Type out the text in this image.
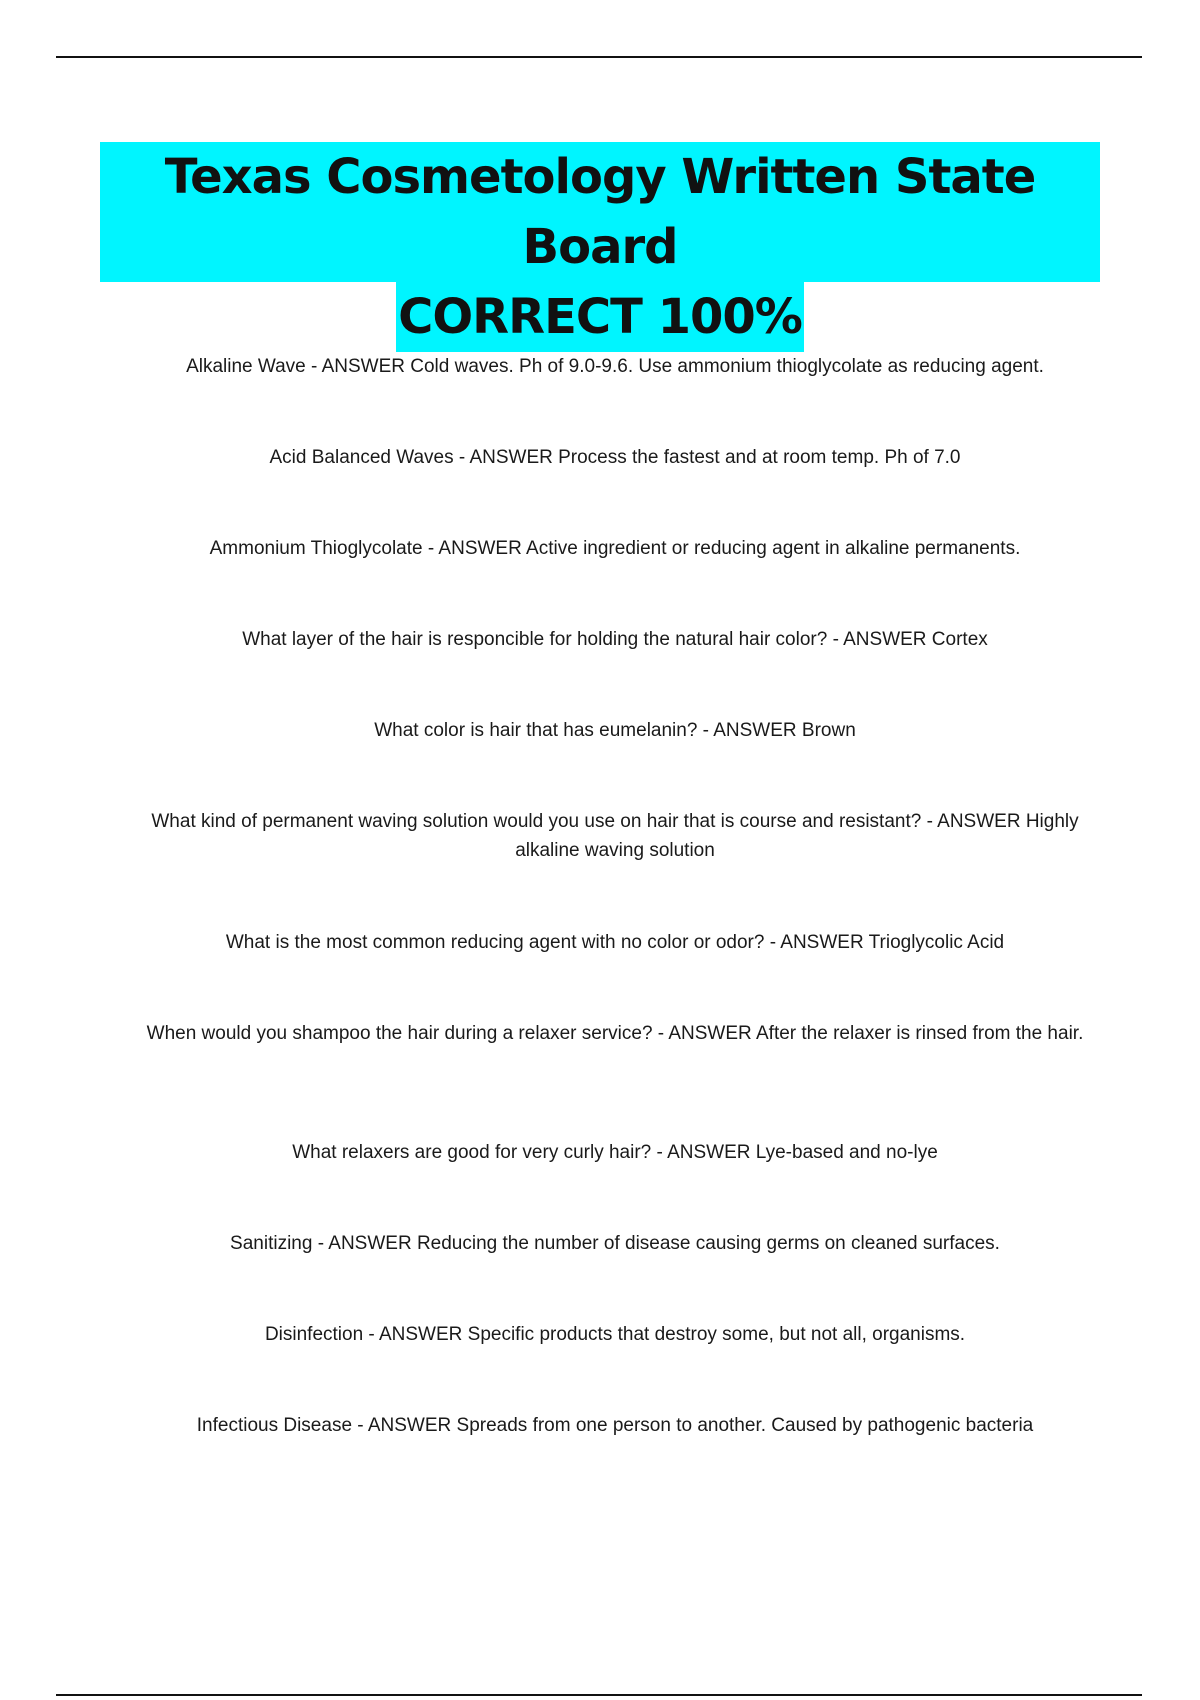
Texas Cosmetology Written State Board
CORRECT 100%
Alkaline Wave - ANSWER Cold waves. Ph of 9.0-9.6. Use ammonium thioglycolate as reducing agent.
Acid Balanced Waves - ANSWER Process the fastest and at room temp. Ph of 7.0
Ammonium Thioglycolate - ANSWER Active ingredient or reducing agent in alkaline permanents.
What layer of the hair is responcible for holding the natural hair color? - ANSWER Cortex
What color is hair that has eumelanin? - ANSWER Brown
What kind of permanent waving solution would you use on hair that is course and resistant? - ANSWER Highly alkaline waving solution
What is the most common reducing agent with no color or odor? - ANSWER Trioglycolic Acid
When would you shampoo the hair during a relaxer service? - ANSWER After the relaxer is rinsed from the hair.
What relaxers are good for very curly hair? - ANSWER Lye-based and no-lye
Sanitizing - ANSWER Reducing the number of disease causing germs on cleaned surfaces.
Disinfection - ANSWER Specific products that destroy some, but not all, organisms.
Infectious Disease - ANSWER Spreads from one person to another. Caused by pathogenic bacteria
